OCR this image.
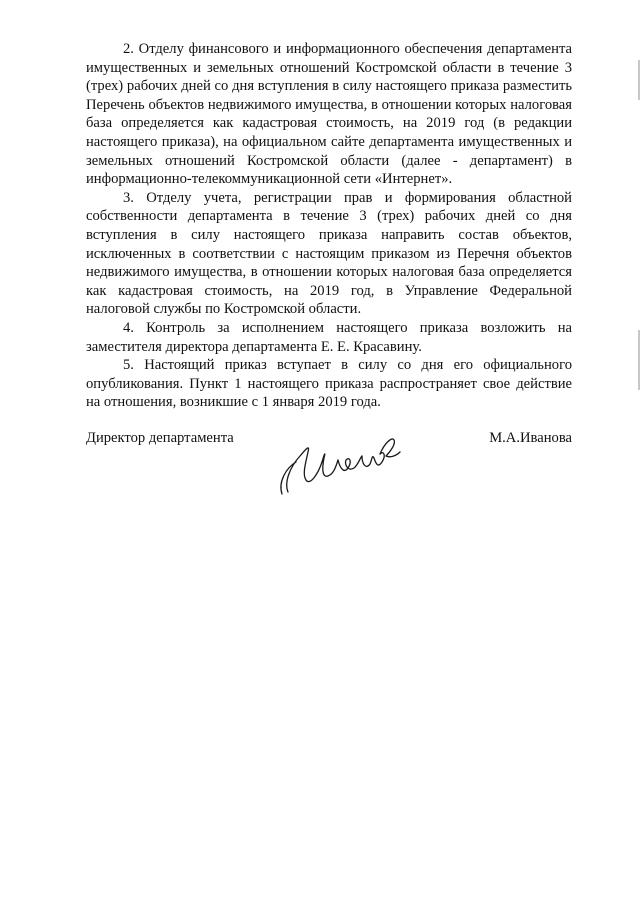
2. Отделу финансового и информационного обеспечения департамента имущественных и земельных отношений Костромской области в течение 3 (трех) рабочих дней со дня вступления в силу настоящего приказа разместить Перечень объектов недвижимого имущества, в отношении которых налоговая база определяется как кадастровая стоимость, на 2019 год (в редакции настоящего приказа), на официальном сайте департамента имущественных и земельных отношений Костромской области (далее - департамент) в информационно-телекоммуникационной сети «Интернет».

3. Отделу учета, регистрации прав и формирования областной собственности департамента в течение 3 (трех) рабочих дней со дня вступления в силу настоящего приказа направить состав объектов, исключенных в соответствии с настоящим приказом из Перечня объектов недвижимого имущества, в отношении которых налоговая база определяется как кадастровая стоимость, на 2019 год, в Управление Федеральной налоговой службы по Костромской области.

4. Контроль за исполнением настоящего приказа возложить на заместителя директора департамента Е. Е. Красавину.

5. Настоящий приказ вступает в силу со дня его официального опубликования. Пункт 1 настоящего приказа распространяет свое действие на отношения, возникшие с 1 января 2019 года.

Директор департамента	М.А.Иванова
